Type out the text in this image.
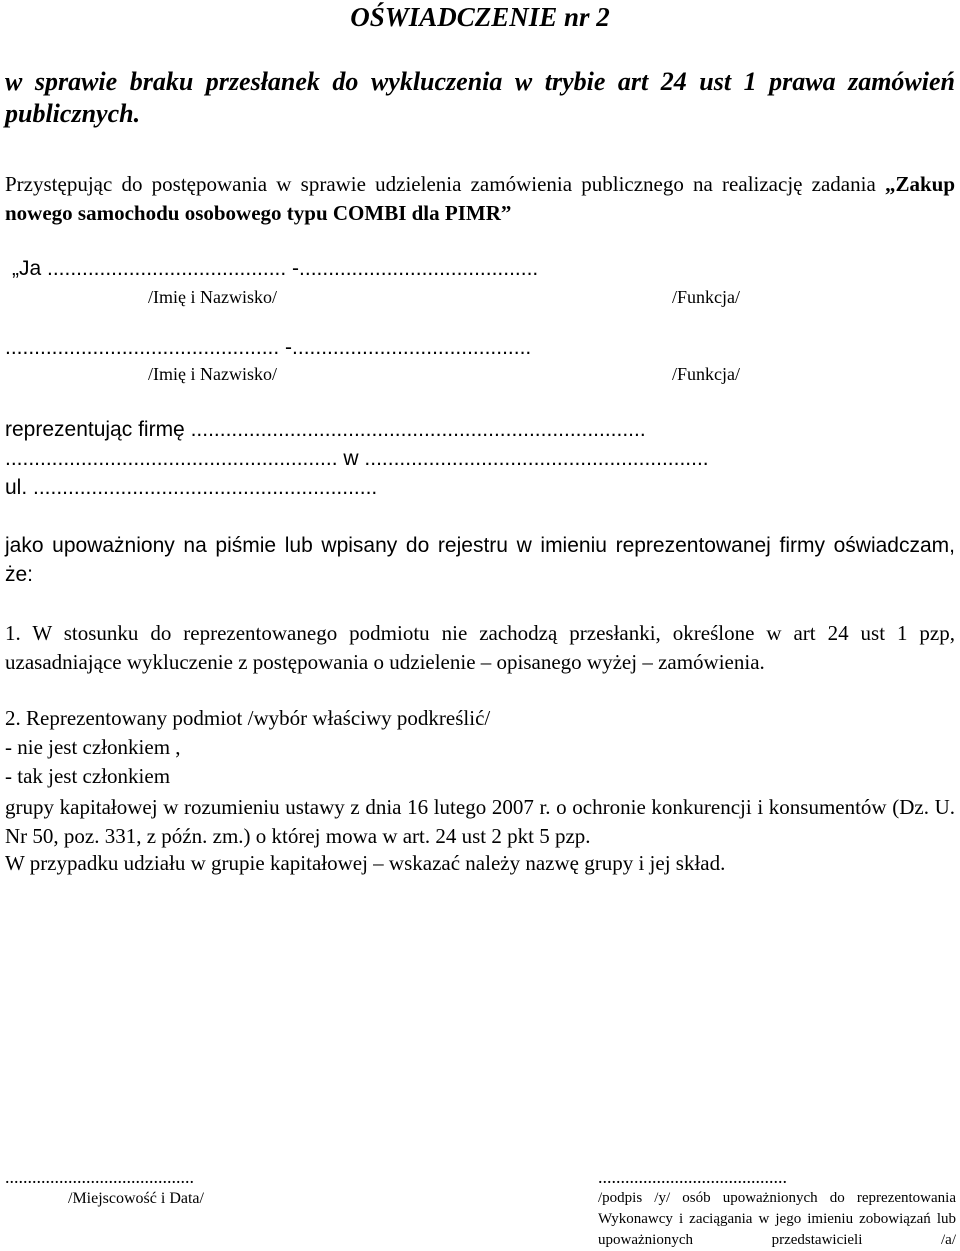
OŚWIADCZENIE nr 2
w sprawie braku przesłanek do wykluczenia w trybie art 24 ust 1 prawa zamówień publicznych.
Przystępując do postępowania w sprawie udzielenia zamówienia publicznego na realizację zadania „Zakup nowego samochodu osobowego typu COMBI dla PIMR”
„Ja ......................................... -.........................................
/Imię i Nazwisko/	/Funkcja/
............................................... -.........................................
/Imię i Nazwisko/	/Funkcja/
reprezentując firmę ..............................................................................
......................................................... w ...........................................................
ul. ...........................................................
jako upoważniony na piśmie lub wpisany do rejestru w imieniu reprezentowanej firmy oświadczam, że:
1. W stosunku do reprezentowanego podmiotu nie zachodzą przesłanki, określone w art 24 ust 1 pzp, uzasadniające wykluczenie z postępowania o udzielenie – opisanego wyżej – zamówienia.
2. Reprezentowany podmiot /wybór właściwy podkreślić/
- nie jest członkiem ,
- tak jest członkiem
grupy kapitałowej w rozumieniu ustawy z dnia 16 lutego 2007 r. o ochronie konkurencji i konsumentów (Dz. U. Nr 50, poz. 331, z późn. zm.) o której mowa w art. 24 ust 2 pkt 5 pzp.
W przypadku udziału w grupie kapitałowej – wskazać należy nazwę grupy i jej skład.
..........................................
/Miejscowość i Data/
..........................................
/podpis /y/ osób upoważnionych do reprezentowania Wykonawcy i zaciągania w jego imieniu zobowiązań lub upoważnionych przedstawicieli /a/
